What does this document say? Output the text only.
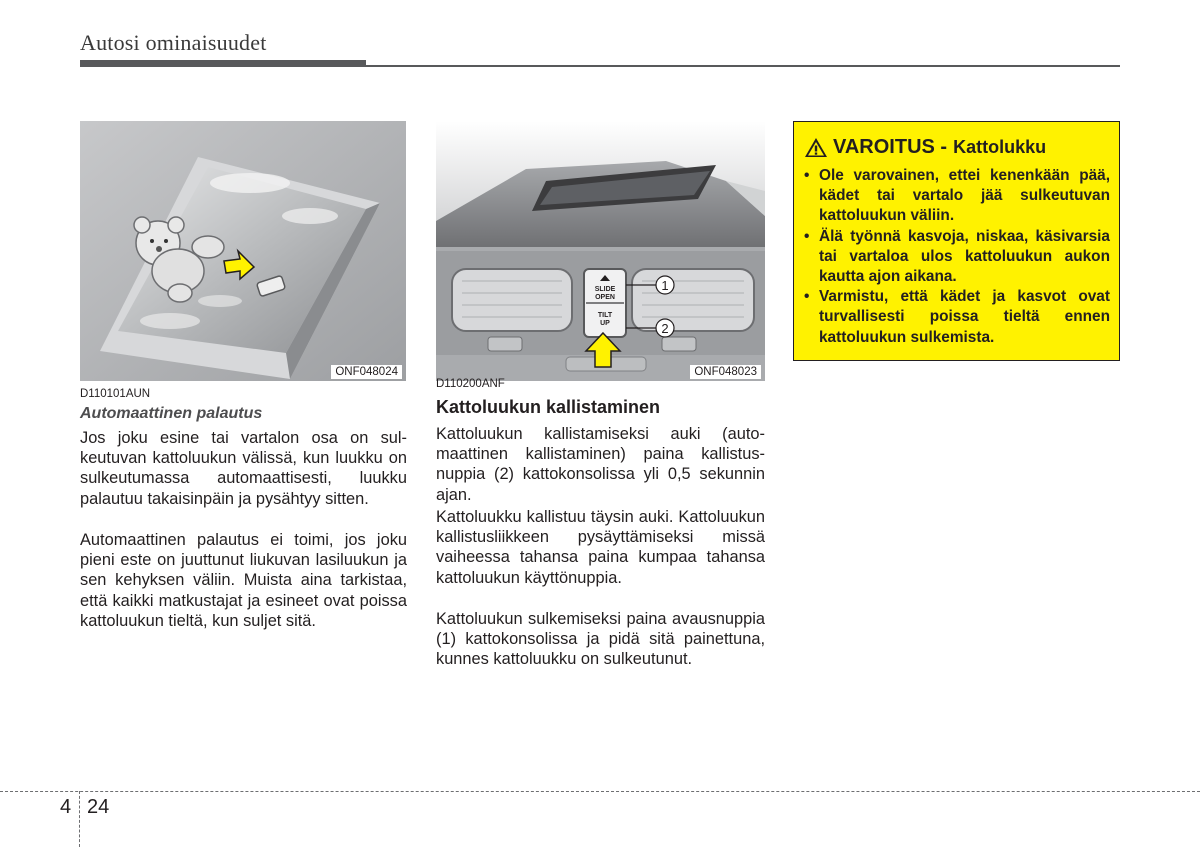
Autosi ominaisuudet
ONF048024
SLIDE
OPEN
TILT
UP
1
2
ONF048023
D110101AUN
Automaattinen palautus

Jos joku esine tai vartalon osa on sulkeutuvan kattoluukun välissä, kun luukku on sulkeutumassa automaattisesti, luukku palautuu takaisinpäin ja pysähtyy sitten.

Automaattinen palautus ei toimi, jos joku pieni este on juuttunut liukuvan lasiluukun ja sen kehyksen väliin. Muista aina tarkistaa, että kaikki matkustajat ja esineet ovat poissa kattoluukun tieltä, kun suljet sitä.

D110200ANF
Kattoluukun kallistaminen

Kattoluukun kallistamiseksi auki (automaattinen kallistaminen) paina kallistusnuppia (2) kattokonsolissa yli 0,5 sekunnin ajan.

Kattoluukku kallistuu täysin auki. Kattoluukun kallistusliikkeen pysäyttämiseksi missä vaiheessa tahansa paina kumpaa tahansa kattoluukun käyttönuppia.

Kattoluukun sulkemiseksi paina avausnuppia (1) kattokonsolissa ja pidä sitä painettuna, kunnes kattoluukku on sulkeutunut.

VAROITUS - Kattolukku
• Ole varovainen, ettei kenenkään pää, kädet tai vartalo jää sulkeutuvan kattoluukun väliin.
• Älä työnnä kasvoja, niskaa, käsivarsia tai vartaloa ulos kattoluukun aukon kautta ajon aikana.
• Varmistu, että kädet ja kasvot ovat turvallisesti poissa tieltä ennen kattoluukun sulkemista.
4 24
